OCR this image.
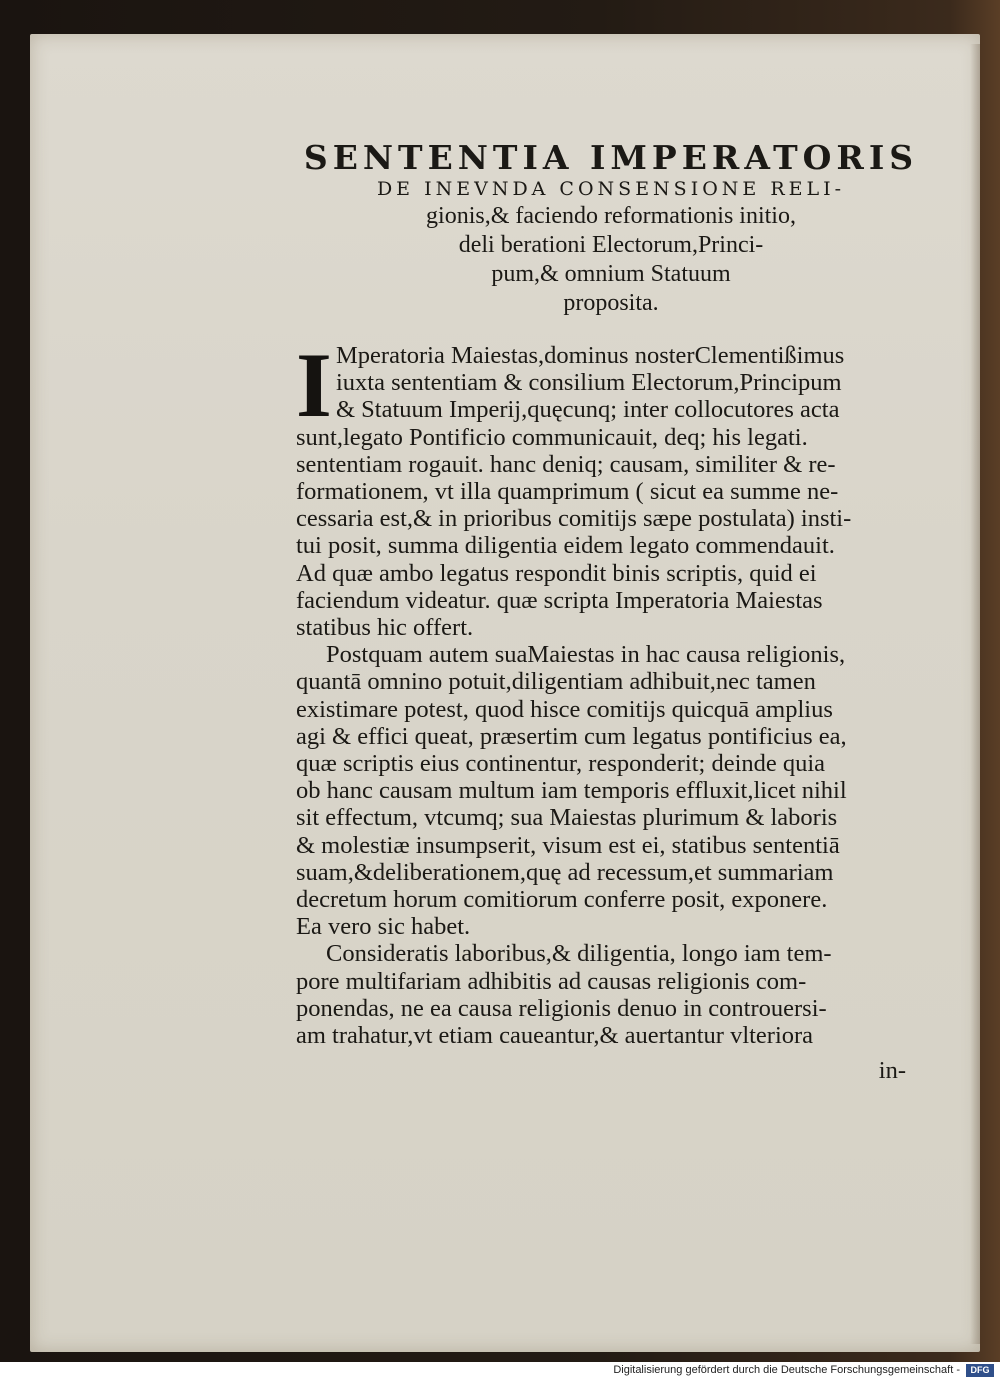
SENTENTIA IMPERATORIS

DE INEVNDA CONSENSIONE RELI-

gionis,& faciendo reformationis initio,

deli berationi Electorum,Princi-

pum,& omnium Statuum

proposita.

I Mperatoria Maiestas,dominus nosterClementißimus
iuxta sententiam & consilium Electorum,Principum
& Statuum Imperij,quęcunq; inter collocutores acta
sunt,legato Pontificio communicauit, deq; his legati.
sententiam rogauit. hanc deniq; causam, similiter & re-
formationem, vt illa quamprimum ( sicut ea summe ne-
cessaria est,& in prioribus comitijs sæpe postulata) insti-
tui posit, summa diligentia eidem legato commendauit.
Ad quæ ambo legatus respondit binis scriptis, quid ei
faciendum videatur. quæ scripta Imperatoria Maiestas
statibus hic offert.
Postquam autem suaMaiestas in hac causa religionis,
quantā omnino potuit,diligentiam adhibuit,nec tamen
existimare potest, quod hisce comitijs quicquā amplius
agi & effici queat, præsertim cum legatus pontificius ea,
quæ scriptis eius continentur, responderit; deinde quia
ob hanc causam multum iam temporis effluxit,licet nihil
sit effectum, vtcumq; sua Maiestas plurimum & laboris
& molestiæ insumpserit, visum est ei, statibus sententiā
suam,&deliberationem,quę ad recessum,et summariam
decretum horum comitiorum conferre posit, exponere.
Ea vero sic habet.
Consideratis laboribus,& diligentia, longo iam tem-
pore multifariam adhibitis ad causas religionis com-
ponendas, ne ea causa religionis denuo in controuersi-
am trahatur,vt etiam caueantur,& auertantur vlteriora
in-
Digitalisierung gefördert durch die Deutsche Forschungsgemeinschaft -	DFG
